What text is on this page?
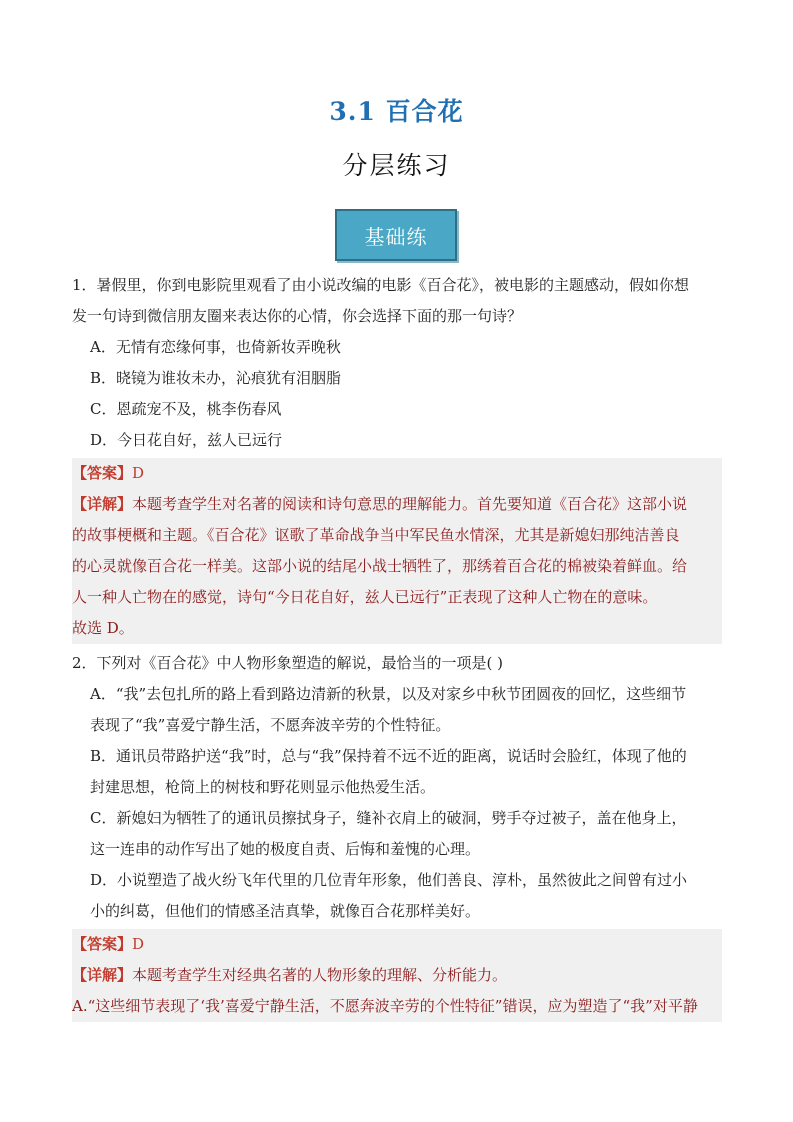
3.1 百合花
分层练习
基础练

1．暑假里，你到电影院里观看了由小说改编的电影《百合花》，被电影的主题感动，假如你想

发一句诗到微信朋友圈来表达你的心情，你会选择下面的那一句诗？

A．无情有恋缘何事，也倚新妆弄晚秋

B．晓镜为谁妆未办，沁痕犹有泪胭脂

C．恩疏宠不及，桃李伤春风

D．今日花自好，兹人已远行

【答案】D

【详解】本题考查学生对名著的阅读和诗句意思的理解能力。首先要知道《百合花》这部小说

的故事梗概和主题。《百合花》讴歌了革命战争当中军民鱼水情深，尤其是新媳妇那纯洁善良

的心灵就像百合花一样美。这部小说的结尾小战士牺牲了，那绣着百合花的棉被染着鲜血。给

人一种人亡物在的感觉，诗句“今日花自好，兹人已远行”正表现了这种人亡物在的意味。

故选 D。

2．下列对《百合花》中人物形象塑造的解说，最恰当的一项是( )

A．“我”去包扎所的路上看到路边清新的秋景，以及对家乡中秋节团圆夜的回忆，这些细节

表现了“我”喜爱宁静生活，不愿奔波辛劳的个性特征。

B．通讯员带路护送“我”时，总与“我”保持着不远不近的距离，说话时会脸红，体现了他的

封建思想，枪筒上的树枝和野花则显示他热爱生活。

C．新媳妇为牺牲了的通讯员擦拭身子，缝补衣肩上的破洞，劈手夺过被子，盖在他身上，

这一连串的动作写出了她的极度自责、后悔和羞愧的心理。

D．小说塑造了战火纷飞年代里的几位青年形象，他们善良、淳朴，虽然彼此之间曾有过小

小的纠葛，但他们的情感圣洁真挚，就像百合花那样美好。

【答案】D

【详解】本题考查学生对经典名著的人物形象的理解、分析能力。

A.“这些细节表现了‘我’喜爱宁静生活，不愿奔波辛劳的个性特征”错误，应为塑造了“我”对平静
